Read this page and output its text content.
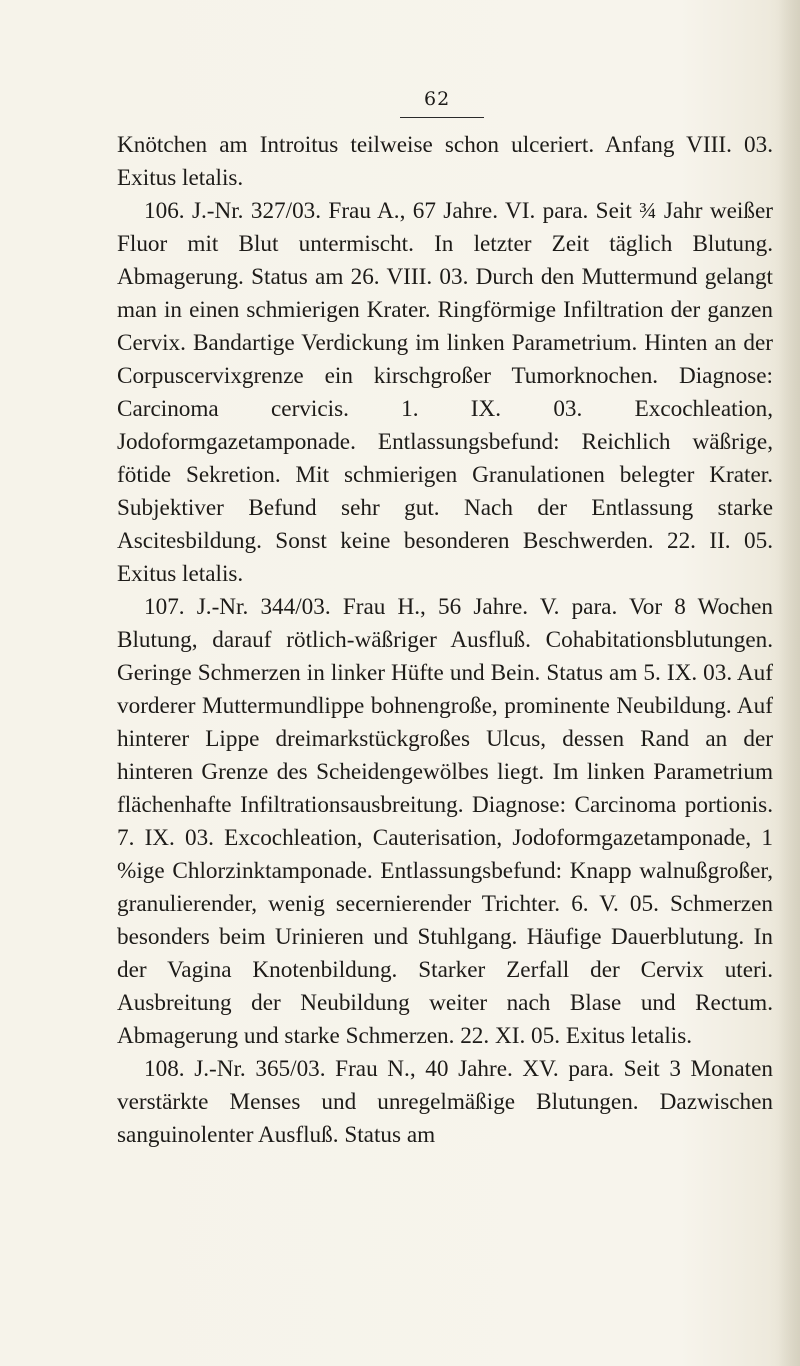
62

Knötchen am Introitus teilweise schon ulceriert. Anfang VIII. 03. Exitus letalis.

106. J.-Nr. 327/03. Frau A., 67 Jahre. VI. para. Seit ¾ Jahr weißer Fluor mit Blut untermischt. In letzter Zeit täglich Blutung. Abmagerung. Status am 26. VIII. 03. Durch den Muttermund gelangt man in einen schmierigen Krater. Ringförmige Infiltration der ganzen Cervix. Bandartige Verdickung im linken Parametrium. Hinten an der Corpuscervixgrenze ein kirschgroßer Tumorknochen. Diagnose: Carcinoma cervicis. 1. IX. 03. Excochleation, Jodoformgazetamponade. Entlassungsbefund: Reichlich wäßrige, fötide Sekretion. Mit schmierigen Granulationen belegter Krater. Subjektiver Befund sehr gut. Nach der Entlassung starke Ascitesbildung. Sonst keine besonderen Beschwerden. 22. II. 05. Exitus letalis.

107. J.-Nr. 344/03. Frau H., 56 Jahre. V. para. Vor 8 Wochen Blutung, darauf rötlich-wäßriger Ausfluß. Cohabitationsblutungen. Geringe Schmerzen in linker Hüfte und Bein. Status am 5. IX. 03. Auf vorderer Muttermundlippe bohnengroße, prominente Neubildung. Auf hinterer Lippe dreimarkstückgroßes Ulcus, dessen Rand an der hinteren Grenze des Scheidengewölbes liegt. Im linken Parametrium flächenhafte Infiltrationsausbreitung. Diagnose: Carcinoma portionis. 7. IX. 03. Excochleation, Cauterisation, Jodoformgazetamponade, 1 %ige Chlorzinktamponade. Entlassungsbefund: Knapp walnußgroßer, granulierender, wenig secernierender Trichter. 6. V. 05. Schmerzen besonders beim Urinieren und Stuhlgang. Häufige Dauerblutung. In der Vagina Knotenbildung. Starker Zerfall der Cervix uteri. Ausbreitung der Neubildung weiter nach Blase und Rectum. Abmagerung und starke Schmerzen. 22. XI. 05. Exitus letalis.

108. J.-Nr. 365/03. Frau N., 40 Jahre. XV. para. Seit 3 Monaten verstärkte Menses und unregelmäßige Blutungen. Dazwischen sanguinolenter Ausfluß. Status am
